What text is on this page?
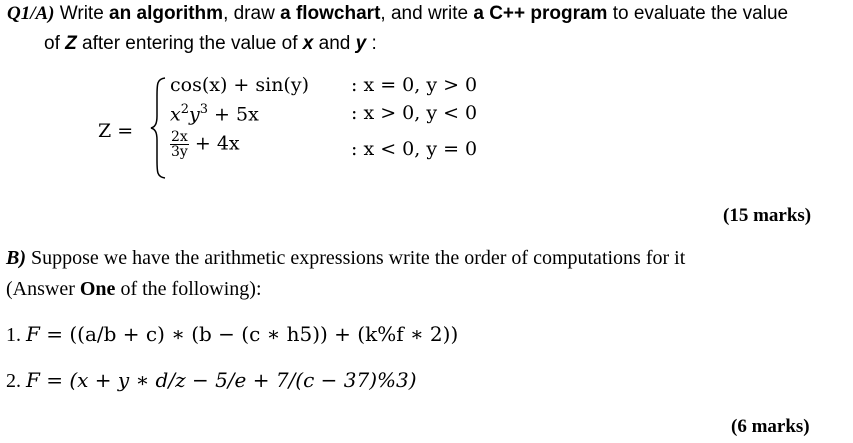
Q1/A) Write an algorithm, draw a flowchart, and write a C++ program to evaluate the value
of Z after entering the value of x and y :
Z =
cos(x) + sin(y) : x = 0, y > 0
$x^2y^3 + 5x$	: x > 0, y < 0
$\frac{2x}{3y} + 4x$	: x < 0, y = 0
(15 marks)
B) Suppose we have the arithmetic expressions write the order of computations for it
(Answer One of the following):
1. F = ((a/b + c) ∗ (b − (c ∗ h5)) + (k%f ∗ 2))
2. F = (x + y ∗ d/z − 5/e + 7/(c − 37)%3)
(6 marks)
